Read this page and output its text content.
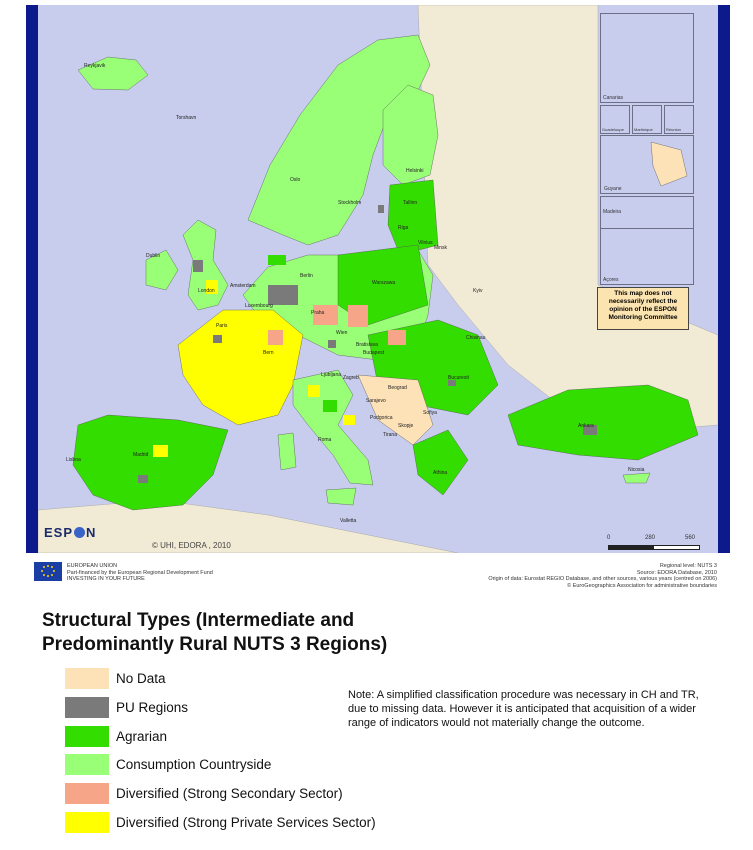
Canarias
Guadeloupe	Martinique	Réunion
Guyane
Madeira
Açores
This map does not necessarily reflect the opinion of the ESPON Monitoring Committee
Oslo
Stockholm
Helsinki
Tallinn
Riga
Vilnius
Dublin
London
Amsterdam
Berlin
Warszawa
Minsk
Kyiv
Paris
Praha
Wien
Bratislava
Budapest
Chisinau
Bern
Ljubljana Zagreb
Beograd
Bucuresti
Sarajevo
Podgorica
Sofiya
Skopje
Tirana
Roma
Madrid
Lisboa
Athina
Ankara
Valletta
Nicosia
Reykjavik
Torshavn
Luxembourg
ESP N
© UHI, EDORA , 2010
0	280	560
EUROPEAN UNION
Part-financed by the European Regional Development Fund
INVESTING IN YOUR FUTURE
Regional level: NUTS 3
Source: EDORA Database, 2010
Origin of data: Eurostat REGIO Database, and other sources, various years (centred on 2006)
© EuroGeographics Association for administrative boundaries
Structural Types (Intermediate and
Predominantly Rural NUTS 3 Regions)
No Data
PU Regions
Agrarian
Consumption Countryside
Diversified (Strong Secondary Sector)
Diversified (Strong Private Services Sector)
Note: A simplified classification procedure was necessary in CH and TR, due to missing data. However it is anticipated that acquisition of a wider range of indicators would not materially change the outcome.
